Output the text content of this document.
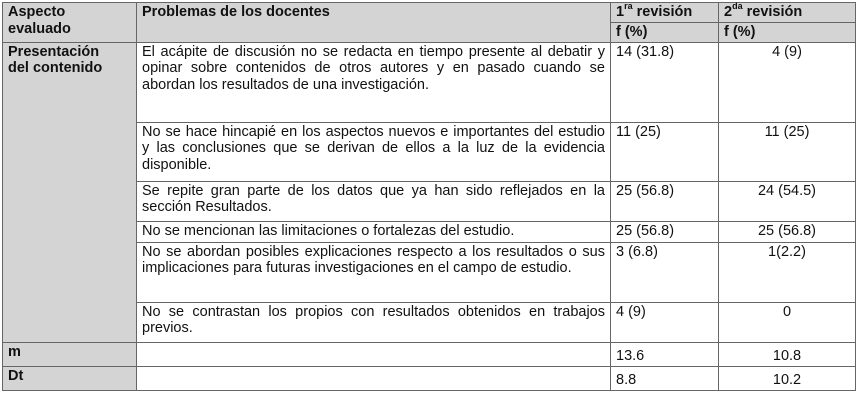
Aspecto
evaluado	Problemas de los docentes	$1^{ra}$ revisión	$2^{da}$ revisión
		f (%)	f (%)

Presentación
del contenido	El acápite de discusión no se redacta en tiempo presente al debatir y opinar sobre contenidos de otros autores y en pasado cuando se abordan los resultados de una investigación.	14 (31.8)	4 (9)
	No se hace hincapié en los aspectos nuevos e importantes del estudio y las conclusiones que se derivan de ellos a la luz de la evidencia disponible.	11 (25)	11 (25)
	Se repite gran parte de los datos que ya han sido reflejados en la sección Resultados.	25 (56.8)	24 (54.5)
	No se mencionan las limitaciones o fortalezas del estudio.	25 (56.8)	25 (56.8)
	No se abordan posibles explicaciones respecto a los resultados o sus implicaciones para futuras investigaciones en el campo de estudio.	3 (6.8)	1(2.2)
	No se contrastan los propios con resultados obtenidos en trabajos previos.	4 (9)	0
m		13.6	10.8
Dt		8.8	10.2
